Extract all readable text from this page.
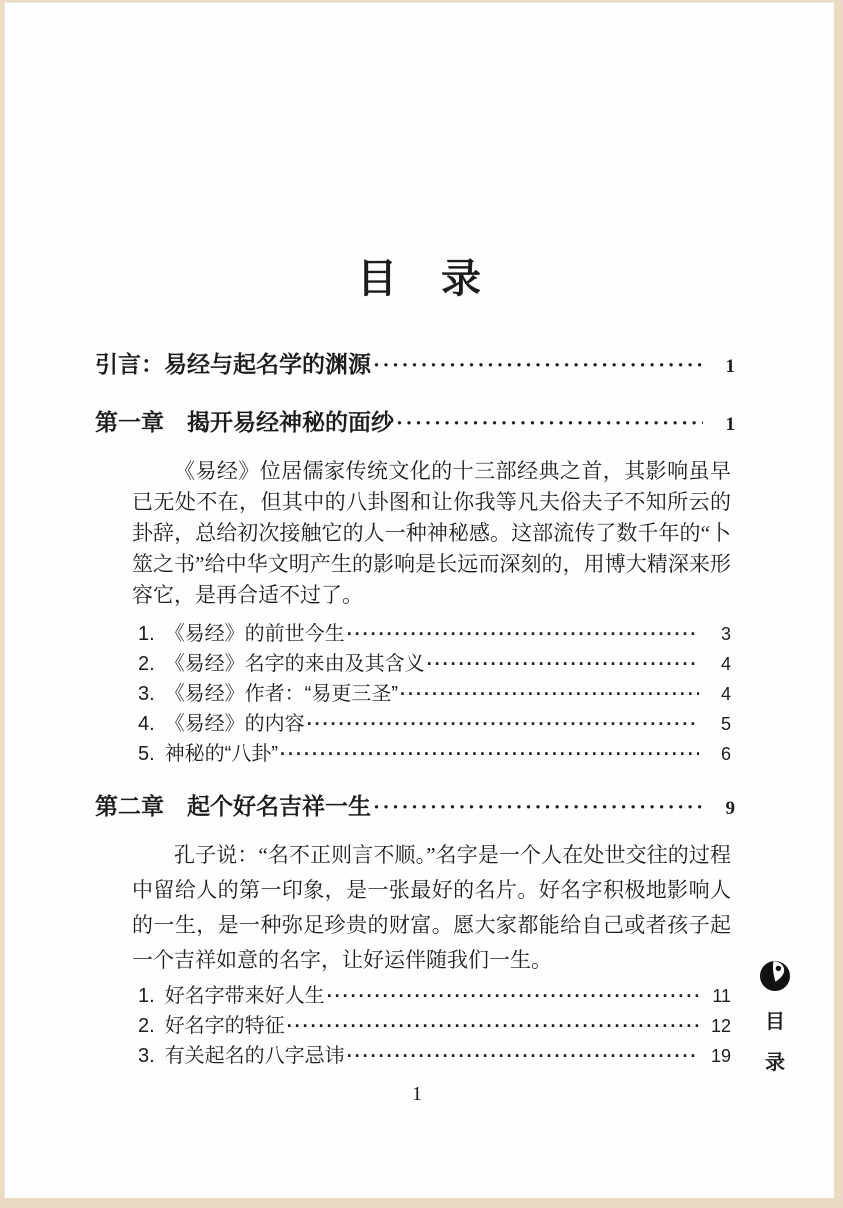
目　录
引言：易经与起名学的渊源 ·····	1
第一章　揭开易经神秘的面纱 ·····	1

《易经》位居儒家传统文化的十三部经典之首，其影响虽早已无处不在，但其中的八卦图和让你我等凡夫俗夫子不知所云的卦辞，总给初次接触它的人一种神秘感。这部流传了数千年的“卜筮之书”给中华文明产生的影响是长远而深刻的，用博大精深来形容它，是再合适不过了。

1. 《易经》的前世今生 ·····	3
2. 《易经》名字的来由及其含义 ·····	4
3. 《易经》作者：“易更三圣” ·····	4
4. 《易经》的内容 ·····	5
5. 神秘的“八卦” ·····	6
第二章　起个好名吉祥一生 ·····	9

孔子说：“名不正则言不顺。”名字是一个人在处世交往的过程中留给人的第一印象，是一张最好的名片。好名字积极地影响人的一生，是一种弥足珍贵的财富。愿大家都能给自己或者孩子起一个吉祥如意的名字，让好运伴随我们一生。

1. 好名字带来好人生 ·····	11
2. 好名字的特征 ·····	12
3. 有关起名的八字忌讳 ·····	19
目
录
1
